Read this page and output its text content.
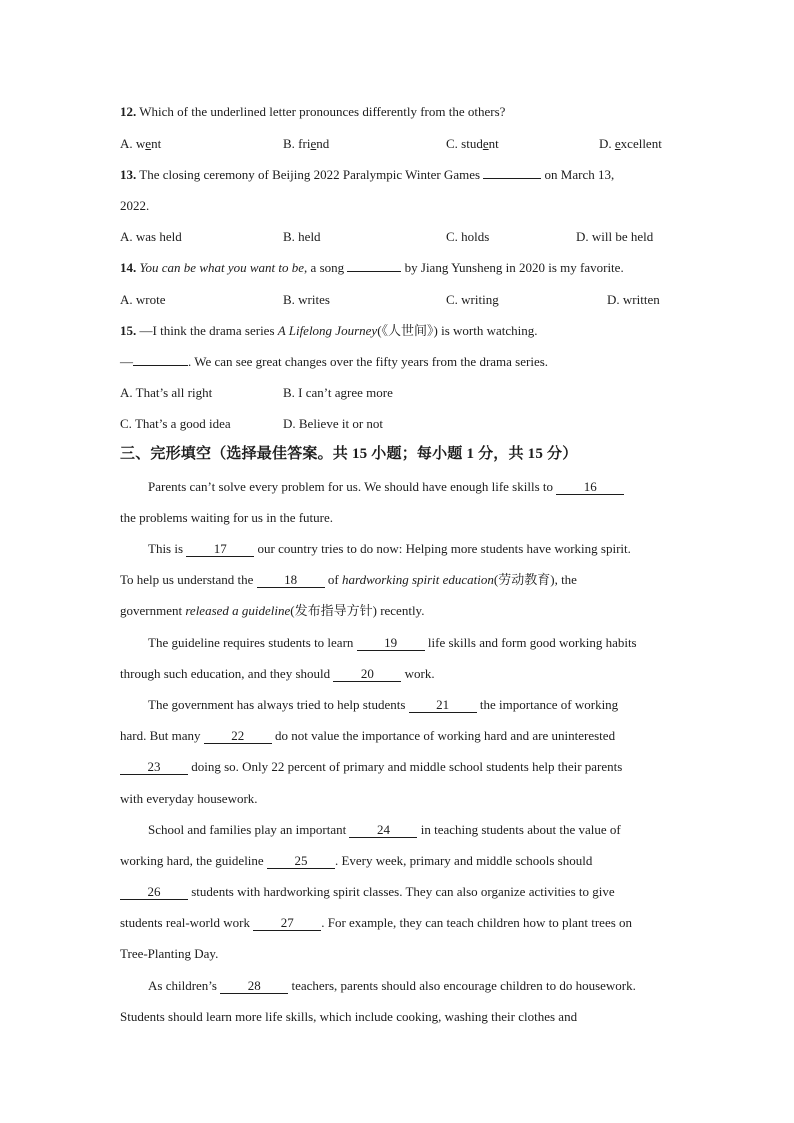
12. Which of the underlined letter pronounces differently from the others?
A. went	B. friend	C. student	D. excellent
13. The closing ceremony of Beijing 2022 Paralympic Winter Games	on March 13,
2022.
A. was held	B. held	C. holds	D. will be held
14. You can be what you want to be, a song	by Jiang Yunsheng in 2020 is my favorite.
A. wrote	B. writes	C. writing	D. written
15. —I think the drama series A Lifelong Journey(《人世间》) is worth watching.
—	. We can see great changes over the fifty years from the drama series.
A. That’s all right	B. I can’t agree more
C. That’s a good idea	D. Believe it or not
三、完形填空（选择最佳答案。共 15 小题；每小题 1 分，共 15 分）
Parents can’t solve every problem for us. We should have enough life skills to 16
the problems waiting for us in the future.
This is 17 our country tries to do now: Helping more students have working spirit.
To help us understand the 18 of hardworking spirit education(劳动教育), the
government released a guideline(发布指导方针) recently.
The guideline requires students to learn 19 life skills and form good working habits
through such education, and they should 20 work.
The government has always tried to help students 21 the importance of working
hard. But many 22 do not value the importance of working hard and are uninterested
23 doing so. Only 22 percent of primary and middle school students help their parents
with everyday housework.
School and families play an important 24 in teaching students about the value of
working hard, the guideline 25 . Every week, primary and middle schools should
26 students with hardworking spirit classes. They can also organize activities to give
students real-world work 27 . For example, they can teach children how to plant trees on
Tree-Planting Day.
As children’s 28 teachers, parents should also encourage children to do housework.
Students should learn more life skills, which include cooking, washing their clothes and
